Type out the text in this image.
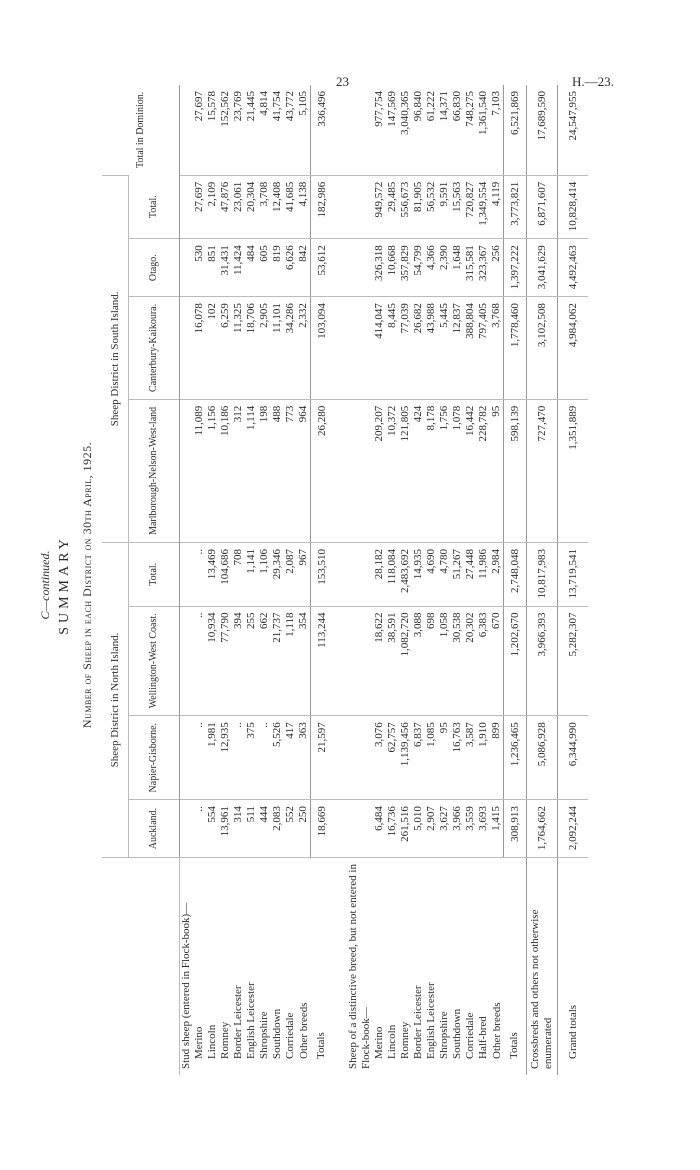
23	H.—23.
C—continued. SUMMARY Number of Sheep in each District on 30th April, 1925.
	Sheep District in North Island.				Sheep District in South Island.				Total in Dominion.
	Auckland.	Napier-Gisborne.	Wellington-West Coast.	Total.	Marlborough-Nelson-West-land	Canterbury-Kaikoura.	Otago.	Total.	
Stud sheep (entered in Flock-book)—									
Merino	..	..	..	..	11,089	16,078	530	27,697	27,697
Lincoln	554	1,981	10,934	13,469	1,156	102	851	2,109	15,578
Romney	13,961	12,935	77,790	104,686	10,186	6,259	31,431	47,876	152,562
Border Leicester	314	..	394	708	312	11,325	11,424	23,061	23,769
English Leicester	511	375	255	1,141	1,114	18,706	484	20,304	21,445
Shropshire	444	..	662	1,106	198	2,905	605	3,708	4,814
Southdown	2,083	5,526	21,737	29,346	488	11,101	819	12,408	41,754
Corriedale	552	417	1,118	2,087	773	34,286	6,626	41,685	43,772
Other breeds	250	363	354	967	964	2,332	842	4,138	5,105
Totals	18,669	21,597	113,244	153,510	26,280	103,094	53,612	182,986	336,496

Sheep of a distinctive breed, but not entered in Flock-book—									
Merino	6,484	3,076	18,622	28,182	209,207	414,047	326,318	949,572	977,754
Lincoln	16,736	62,757	38,591	118,084	10,372	8,445	10,668	29,485	147,569
Romney	261,516	1,139,456	1,082,720	2,483,692	121,805	77,039	357,829	556,673	3,040,365
Border Leicester	5,010	6,837	3,088	14,935	424	26,682	54,799	81,905	96,840
English Leicester	2,907	1,085	698	4,690	8,178	43,988	4,366	56,532	61,222
Shropshire	3,627	95	1,058	4,780	1,756	5,445	2,390	9,591	14,371
Southdown	3,966	16,763	30,538	51,267	1,078	12,837	1,648	15,563	66,830
Corriedale	3,559	3,587	20,302	27,448	16,442	388,804	315,581	720,827	748,275
Half-bred	3,693	1,910	6,383	11,986	228,782	797,405	323,367	1,349,554	1,361,540
Other breeds	1,415	899	670	2,984	95	3,768	256	4,119	7,103
Totals	308,913	1,236,465	1,202,670	2,748,048	598,139	1,778,460	1,397,222	3,773,821	6,521,869
Crossbreds and others not otherwise enumerated	1,764,662	5,086,928	3,966,393	10,817,983	727,470	3,102,508	3,041,629	6,871,607	17,689,590
Grand totals	2,092,244	6,344,990	5,282,307	13,719,541	1,351,889	4,984,062	4,492,463	10,828,414	24,547,955
